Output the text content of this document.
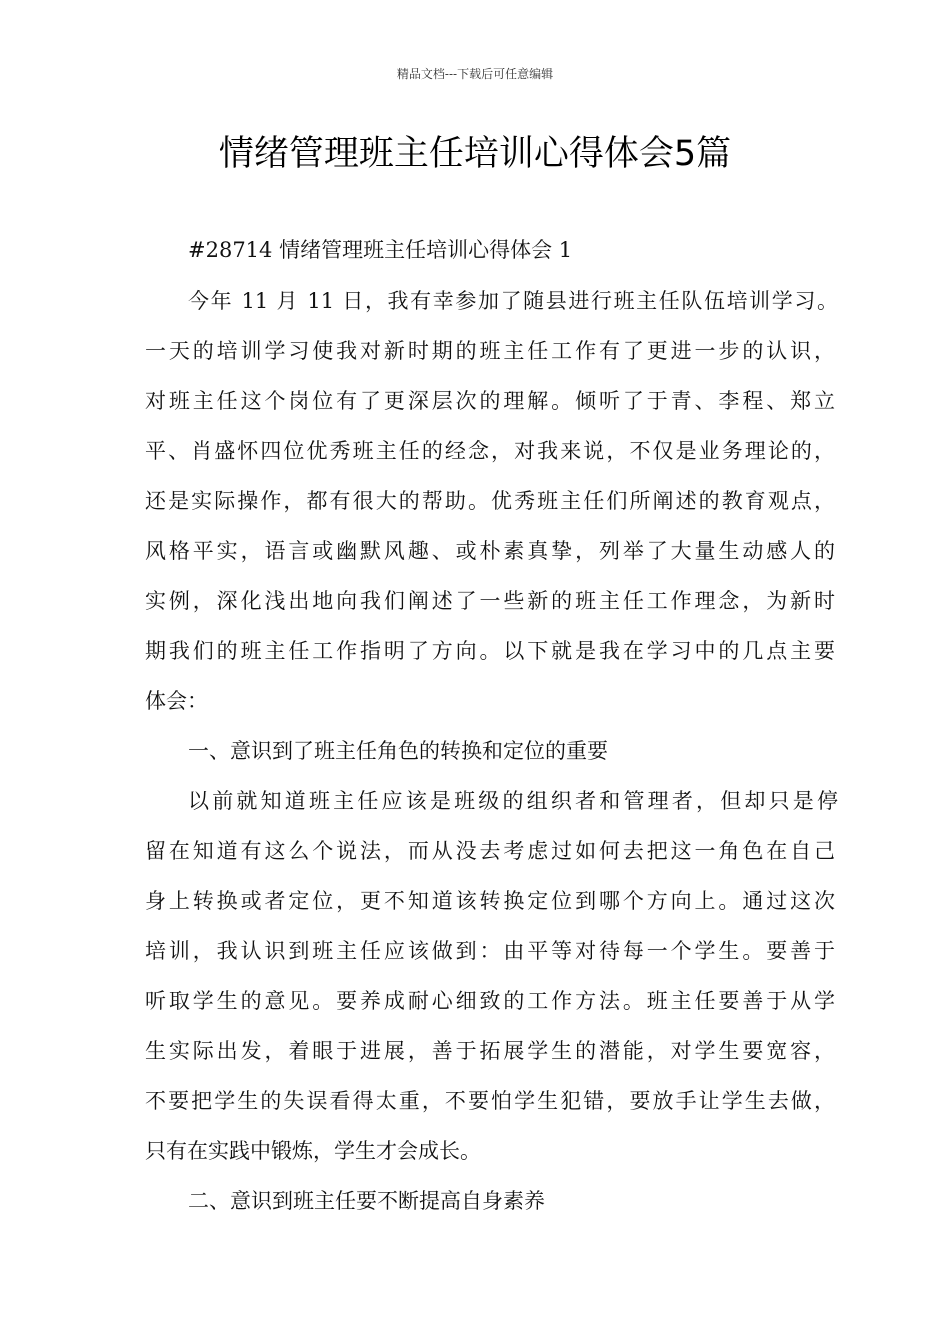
精品文档---下载后可任意编辑
情绪管理班主任培训心得体会5篇
#28714 情绪管理班主任培训心得体会 1
今年 11 月 11 日，我有幸参加了随县进行班主任队伍培训学习。
一天的培训学习使我对新时期的班主任工作有了更进一步的认识，
对班主任这个岗位有了更深层次的理解。倾听了于青、李程、郑立
平、肖盛怀四位优秀班主任的经念，对我来说，不仅是业务理论的，
还是实际操作，都有很大的帮助。优秀班主任们所阐述的教育观点，
风格平实，语言或幽默风趣、或朴素真挚，列举了大量生动感人的
实例，深化浅出地向我们阐述了一些新的班主任工作理念，为新时
期我们的班主任工作指明了方向。以下就是我在学习中的几点主要
体会：
一、意识到了班主任角色的转换和定位的重要
以前就知道班主任应该是班级的组织者和管理者，但却只是停
留在知道有这么个说法，而从没去考虑过如何去把这一角色在自己
身上转换或者定位，更不知道该转换定位到哪个方向上。通过这次
培训，我认识到班主任应该做到：由平等对待每一个学生。要善于
听取学生的意见。要养成耐心细致的工作方法。班主任要善于从学
生实际出发，着眼于进展，善于拓展学生的潜能，对学生要宽容，
不要把学生的失误看得太重，不要怕学生犯错，要放手让学生去做，
只有在实践中锻炼，学生才会成长。
二、意识到班主任要不断提高自身素养
